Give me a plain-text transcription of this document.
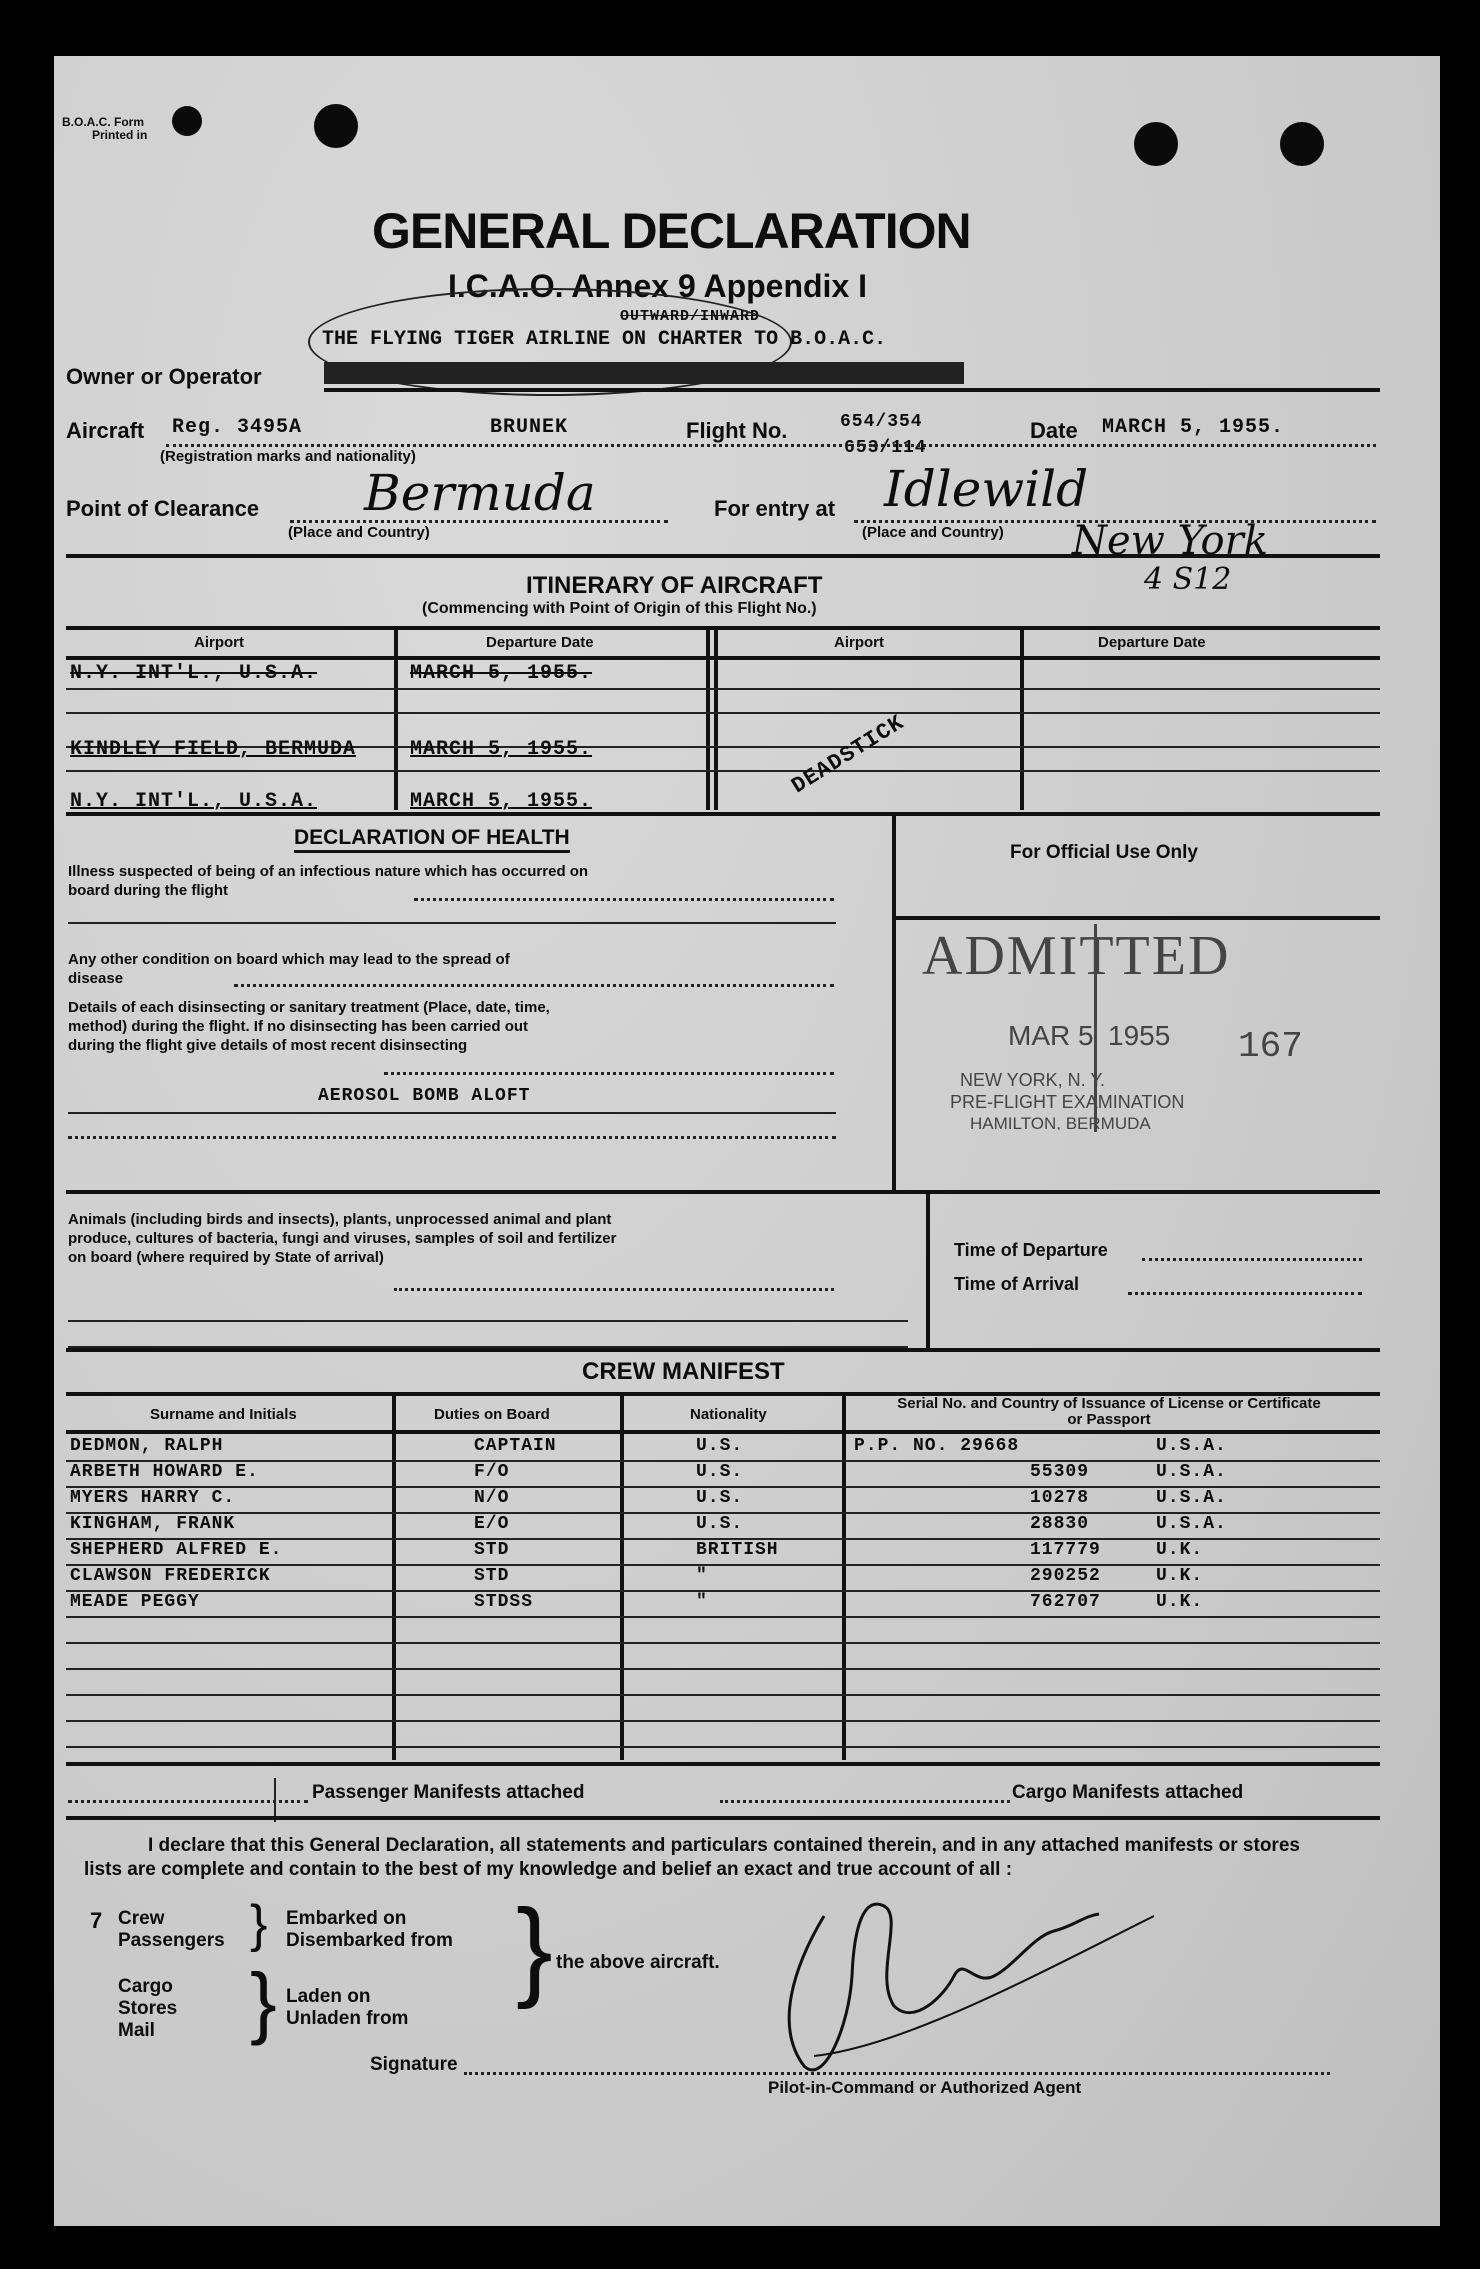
B.O.A.C. Form
Printed in
GENERAL DECLARATION
I.C.A.O. Annex 9 Appendix I
OUTWARD/INWARD
THE FLYING TIGER AIRLINE ON CHARTER TO B.O.A.C.
Owner or Operator
Aircraft Reg. 3495A	BRUNEK	Flight No.	654/354
653/114
Date MARCH 5, 1955.
(Registration marks and nationality)
Point of Clearance Bermuda
(Place and Country)
For entry at Idlewild
(Place and Country) New York
4 S12
ITINERARY OF AIRCRAFT
(Commencing with Point of Origin of this Flight No.)
Airport	Departure Date	Airport	Departure Date
N.Y. INT'L., U.S.A.	MARCH 5, 1955.
KINDLEY FIELD, BERMUDA	MARCH 5, 1955.
N.Y. INT'L., U.S.A.	MARCH 5, 1955.
DEADSTICK
DECLARATION OF HEALTH
Illness suspected of being of an infectious nature which has occurred on board during the flight
Any other condition on board which may lead to the spread of disease
Details of each disinsecting or sanitary treatment (Place, date, time, method) during the flight. If no disinsecting has been carried out during the flight give details of most recent disinsecting
AEROSOL BOMB ALOFT
For Official Use Only
ADMITTED
MAR 5 1955 167
NEW YORK, N. Y.
PRE-FLIGHT EXAMINATION
HAMILTON, BERMUDA
Animals (including birds and insects), plants, unprocessed animal and plant produce, cultures of bacteria, fungi and viruses, samples of soil and fertilizer on board (where required by State of arrival)	Time of Departure
Time of Arrival
CREW MANIFEST
Surname and Initials	Duties on Board	Nationality
Serial No. and Country of Issuance of License or Certificate or Passport
DEDMON, RALPH	CAPTAIN	U.S.	P.P. NO. 29668	U.S.A.
ARBETH HOWARD E.	F/O	U.S.	55309	U.S.A.
MYERS HARRY C.	N/O	U.S.	10278	U.S.A.
KINGHAM, FRANK	E/O	U.S.	28830	U.S.A.
SHEPHERD ALFRED E.	STD	BRITISH	117779	U.K.
CLAWSON FREDERICK	STD	"	290252	U.K.
MEADE PEGGY	STDSS	"	762707	U.K.
Passenger Manifests attached	Cargo Manifests attached
I declare that this General Declaration, all statements and particulars contained therein, and in any attached manifests or stores lists are complete and contain to the best of my knowledge and belief an exact and true account of all :
7 Crew
Passengers } Embarked on
Disembarked from
Cargo
Stores
Mail } Laden on
Unladen from
} the above aircraft.
Signature
Pilot-in-Command or Authorized Agent
